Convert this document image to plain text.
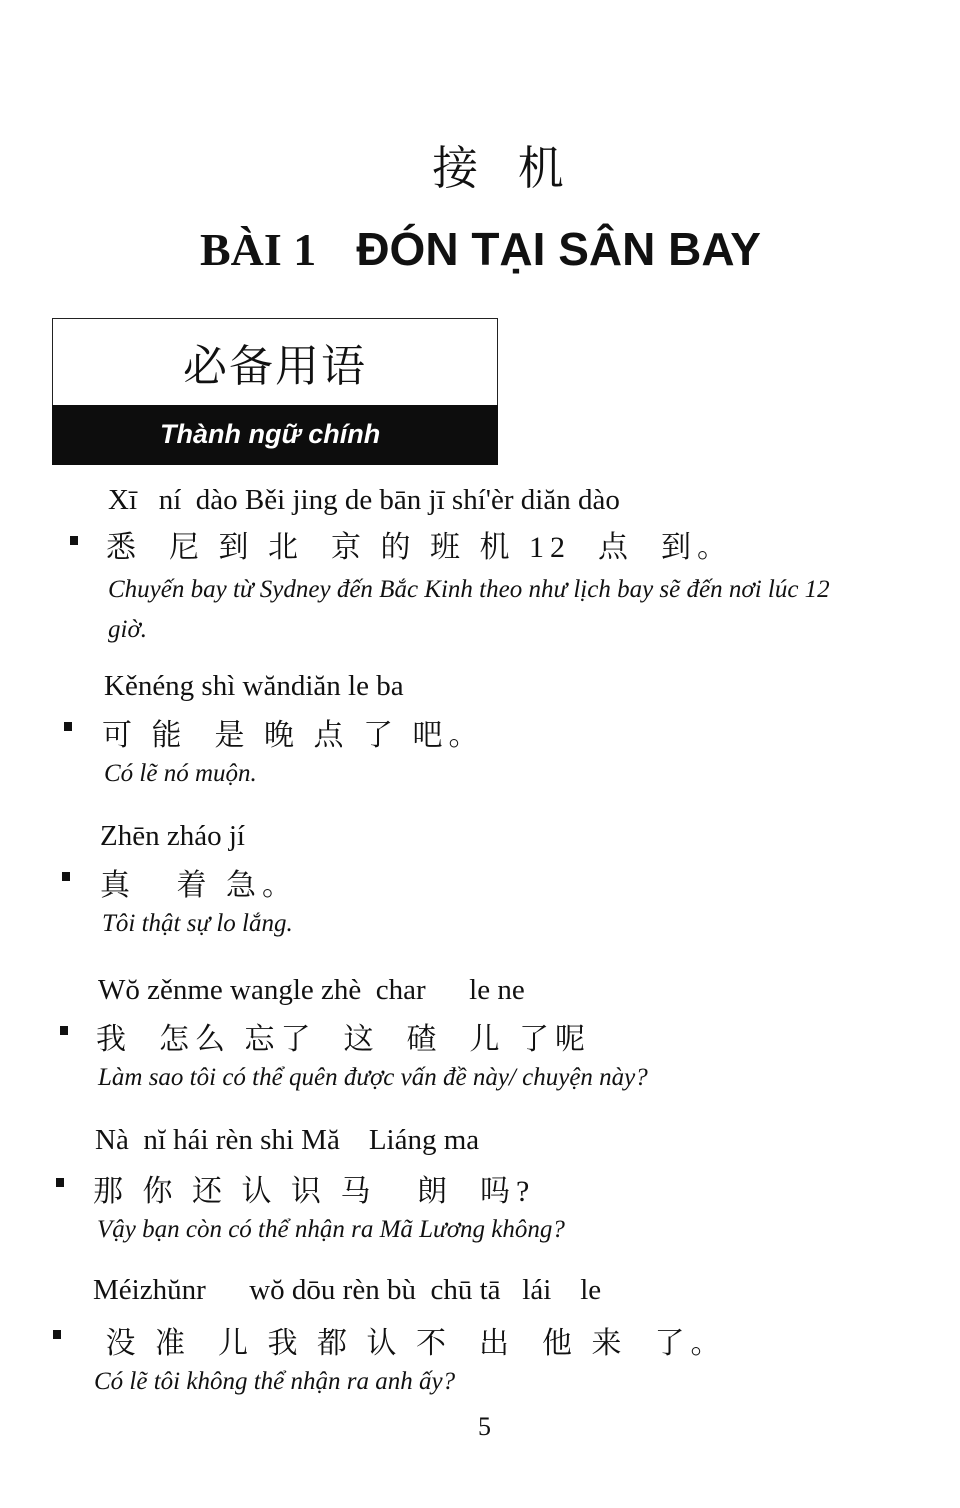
接 机
BÀI 1 ĐÓN TẠI SÂN BAY
必备用语
Thành ngữ chính
Xī   ní  dào Běi jing de bān jī shí'èr diăn dào
悉  尼 到 北  京 的 班 机 12  点  到。
Chuyến bay từ Sydney đến Bắc Kinh theo như lịch bay sẽ đến nơi lúc 12
giờ.
Kěnéng shì wăndiăn le ba
可 能  是 晚 点 了 吧。
Có lẽ nó muộn.
Zhēn zháo jí
真   着 急。
Tôi thật sự lo lắng.
Wŏ zěnme wangle zhè  char      le ne
我  怎么 忘了  这  碴  儿 了呢
Làm sao tôi có thể quên được vấn đề này/ chuyện này?
Nà  nĭ hái rèn shi Mă    Liáng ma
那 你 还 认 识 马   朗  吗?
Vậy bạn còn có thể nhận ra Mã Lương không?
Méizhŭnr      wŏ dōu rèn bù  chū tā   lái    le
没 准  儿 我 都 认 不  出  他 来  了。
Có lẽ tôi không thể nhận ra anh ấy?
5
